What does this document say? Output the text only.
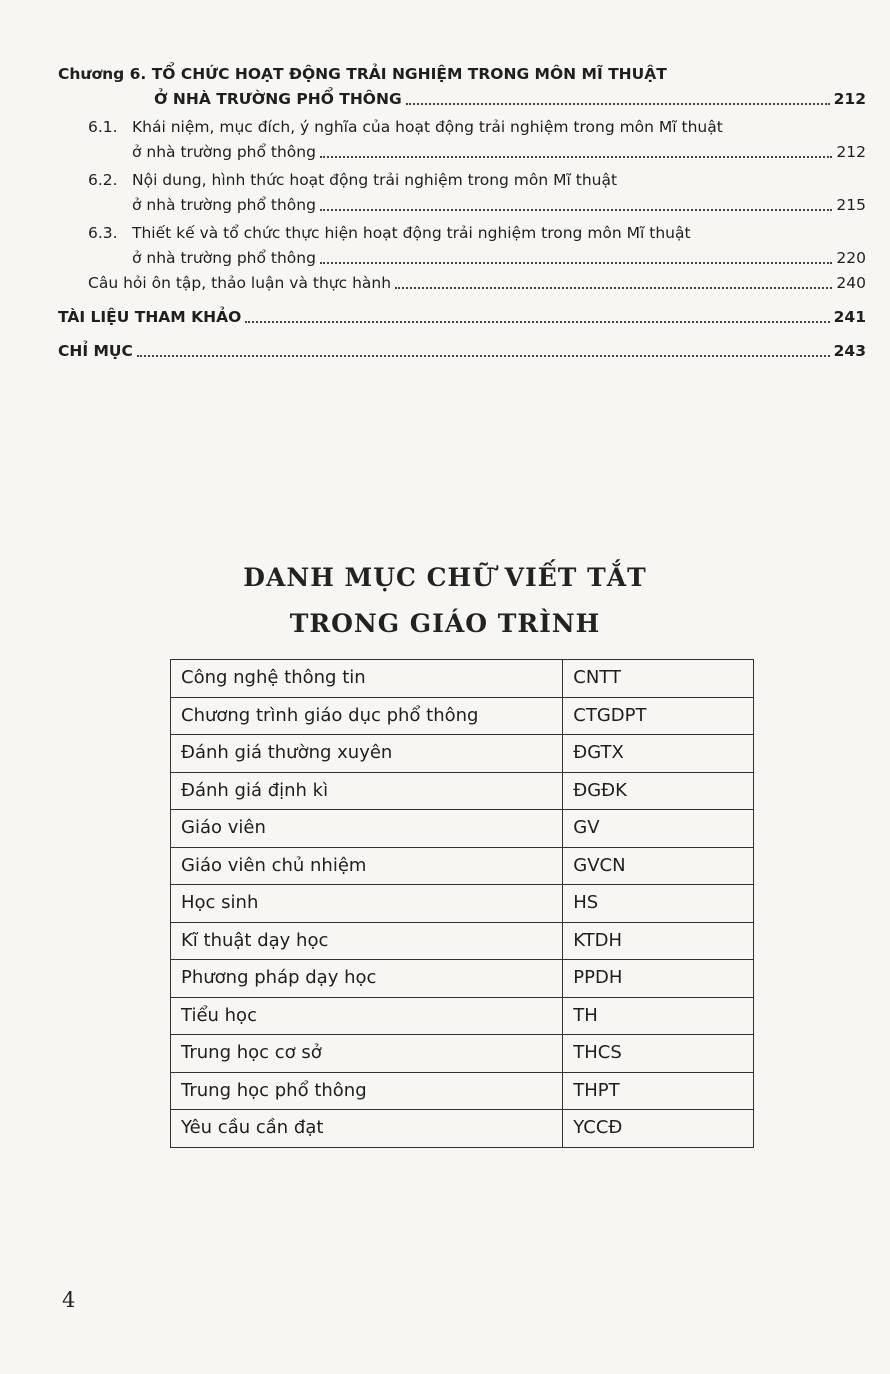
Chương 6. TỔ CHỨC HOẠT ĐỘNG TRẢI NGHIỆM TRONG MÔN MĨ THUẬT
Ở NHÀ TRƯỜNG PHỔ THÔNG	212
6.1. Khái niệm, mục đích, ý nghĩa của hoạt động trải nghiệm trong môn Mĩ thuật
ở nhà trường phổ thông	212
6.2. Nội dung, hình thức hoạt động trải nghiệm trong môn Mĩ thuật
ở nhà trường phổ thông	215
6.3. Thiết kế và tổ chức thực hiện hoạt động trải nghiệm trong môn Mĩ thuật
ở nhà trường phổ thông	220
Câu hỏi ôn tập, thảo luận và thực hành	240
TÀI LIỆU THAM KHẢO	241
CHỈ MỤC	243
DANH MỤC CHỮ VIẾT TẮT
TRONG GIÁO TRÌNH
Công nghệ thông tin	CNTT
Chương trình giáo dục phổ thông	CTGDPT
Đánh giá thường xuyên	ĐGTX
Đánh giá định kì	ĐGĐK
Giáo viên	GV
Giáo viên chủ nhiệm	GVCN
Học sinh	HS
Kĩ thuật dạy học	KTDH
Phương pháp dạy học	PPDH
Tiểu học	TH
Trung học cơ sở	THCS
Trung học phổ thông	THPT
Yêu cầu cần đạt	YCCĐ
4
